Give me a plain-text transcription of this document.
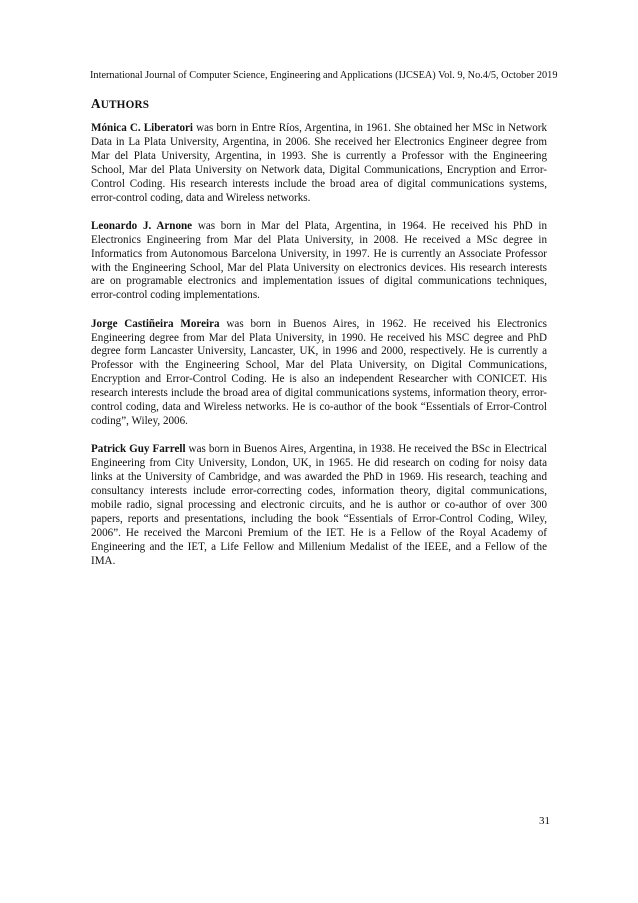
International Journal of Computer Science, Engineering and Applications (IJCSEA) Vol. 9, No.4/5, October 2019
AUTHORS

Mónica C. Liberatori was born in Entre Ríos, Argentina, in 1961. She obtained her MSc in Network Data in La Plata University, Argentina, in 2006. She received her Electronics Engineer degree from Mar del Plata University, Argentina, in 1993. She is currently a Professor with the Engineering School, Mar del Plata University on Network data, Digital Communications, Encryption and Error-Control Coding. His research interests include the broad area of digital communications systems, error-control coding, data and Wireless networks.

Leonardo J. Arnone was born in Mar del Plata, Argentina, in 1964. He received his PhD in Electronics Engineering from Mar del Plata University, in 2008. He received a MSc degree in Informatics from Autonomous Barcelona University, in 1997. He is currently an Associate Professor with the Engineering School, Mar del Plata University on electronics devices. His research interests are on programable electronics and implementation issues of digital communications techniques, error-control coding implementations.

Jorge Castiñeira Moreira was born in Buenos Aires, in 1962. He received his Electronics Engineering degree from Mar del Plata University, in 1990. He received his MSC degree and PhD degree form Lancaster University, Lancaster, UK, in 1996 and 2000, respectively. He is currently a Professor with the Engineering School, Mar del Plata University, on Digital Communications, Encryption and Error-Control Coding. He is also an independent Researcher with CONICET. His research interests include the broad area of digital communications systems, information theory, error-control coding, data and Wireless networks. He is co-author of the book “Essentials of Error-Control coding”, Wiley, 2006.

Patrick Guy Farrell was born in Buenos Aires, Argentina, in 1938. He received the BSc in Electrical Engineering from City University, London, UK, in 1965. He did research on coding for noisy data links at the University of Cambridge, and was awarded the PhD in 1969. His research, teaching and consultancy interests include error-correcting codes, information theory, digital communications, mobile radio, signal processing and electronic circuits, and he is author or co-author of over 300 papers, reports and presentations, including the book “Essentials of Error-Control Coding, Wiley, 2006”. He received the Marconi Premium of the IET. He is a Fellow of the Royal Academy of Engineering and the IET, a Life Fellow and Millenium Medalist of the IEEE, and a Fellow of the IMA.

31
